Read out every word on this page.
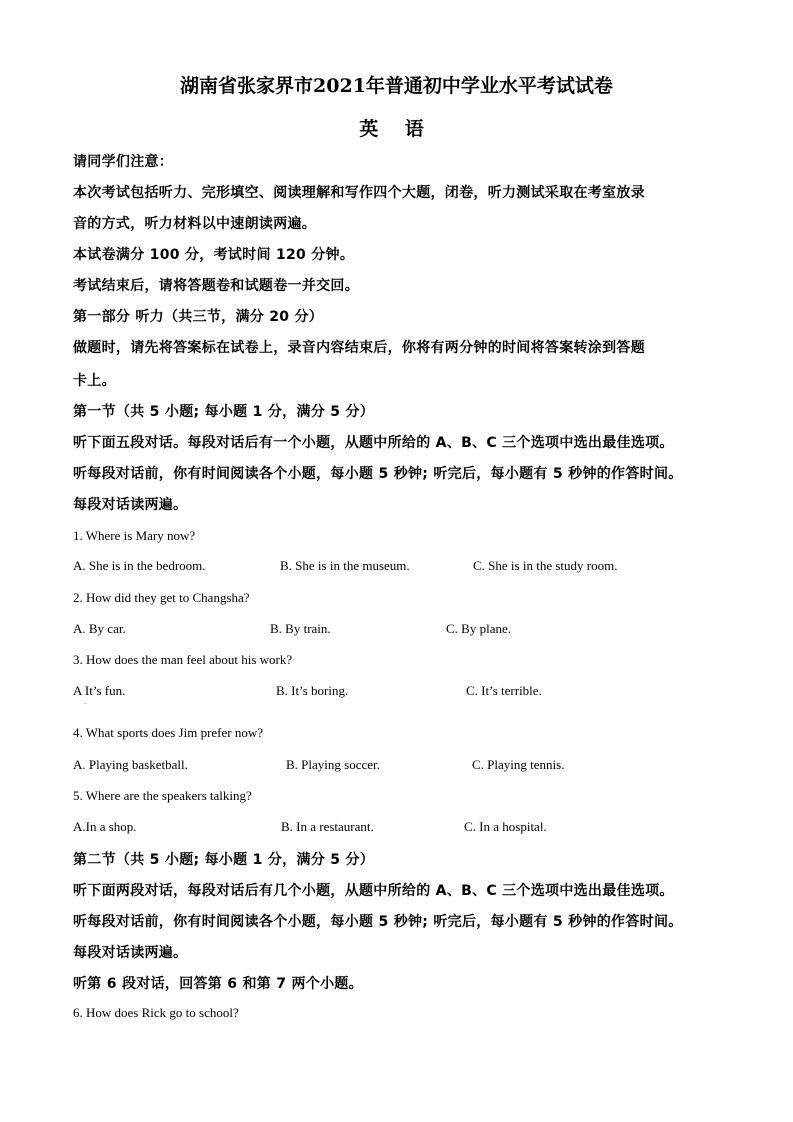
湖南省张家界市2021年普通初中学业水平考试试卷
英 语
请同学们注意：
本次考试包括听力、完形填空、阅读理解和写作四个大题，闭卷，听力测试采取在考室放录
音的方式，听力材料以中速朗读两遍。
本试卷满分 100 分，考试时间 120 分钟。
考试结束后，请将答题卷和试题卷一并交回。
第一部分 听力（共三节，满分 20 分）
做题时，请先将答案标在试卷上，录音内容结束后，你将有两分钟的时间将答案转涂到答题
卡上。
第一节（共 5 小题; 每小题 1 分，满分 5 分）
听下面五段对话。每段对话后有一个小题，从题中所给的 A、B、C 三个选项中选出最佳选项。
听每段对话前，你有时间阅读各个小题，每小题 5 秒钟; 听完后，每小题有 5 秒钟的作答时间。
每段对话读两遍。
1. Where is Mary now?
A. She is in the bedroom.	B. She is in the museum.	C. She is in the study room.
2. How did they get to Changsha?
A. By car.	B. By train.	C. By plane.
3. How does the man feel about his work?
A It’s fun.	B. It’s boring.	C. It’s terrible.
.
4. What sports does Jim prefer now?
A. Playing basketball.	B. Playing soccer.	C. Playing tennis.
5. Where are the speakers talking?
A.In a shop.	B. In a restaurant.	C. In a hospital.
第二节（共 5 小题; 每小题 1 分，满分 5 分）
听下面两段对话，每段对话后有几个小题，从题中所给的 A、B、C 三个选项中选出最佳选项。
听每段对话前，你有时间阅读各个小题，每小题 5 秒钟; 听完后，每小题有 5 秒钟的作答时间。
每段对话读两遍。
听第 6 段对话，回答第 6 和第 7 两个小题。
6. How does Rick go to school?
